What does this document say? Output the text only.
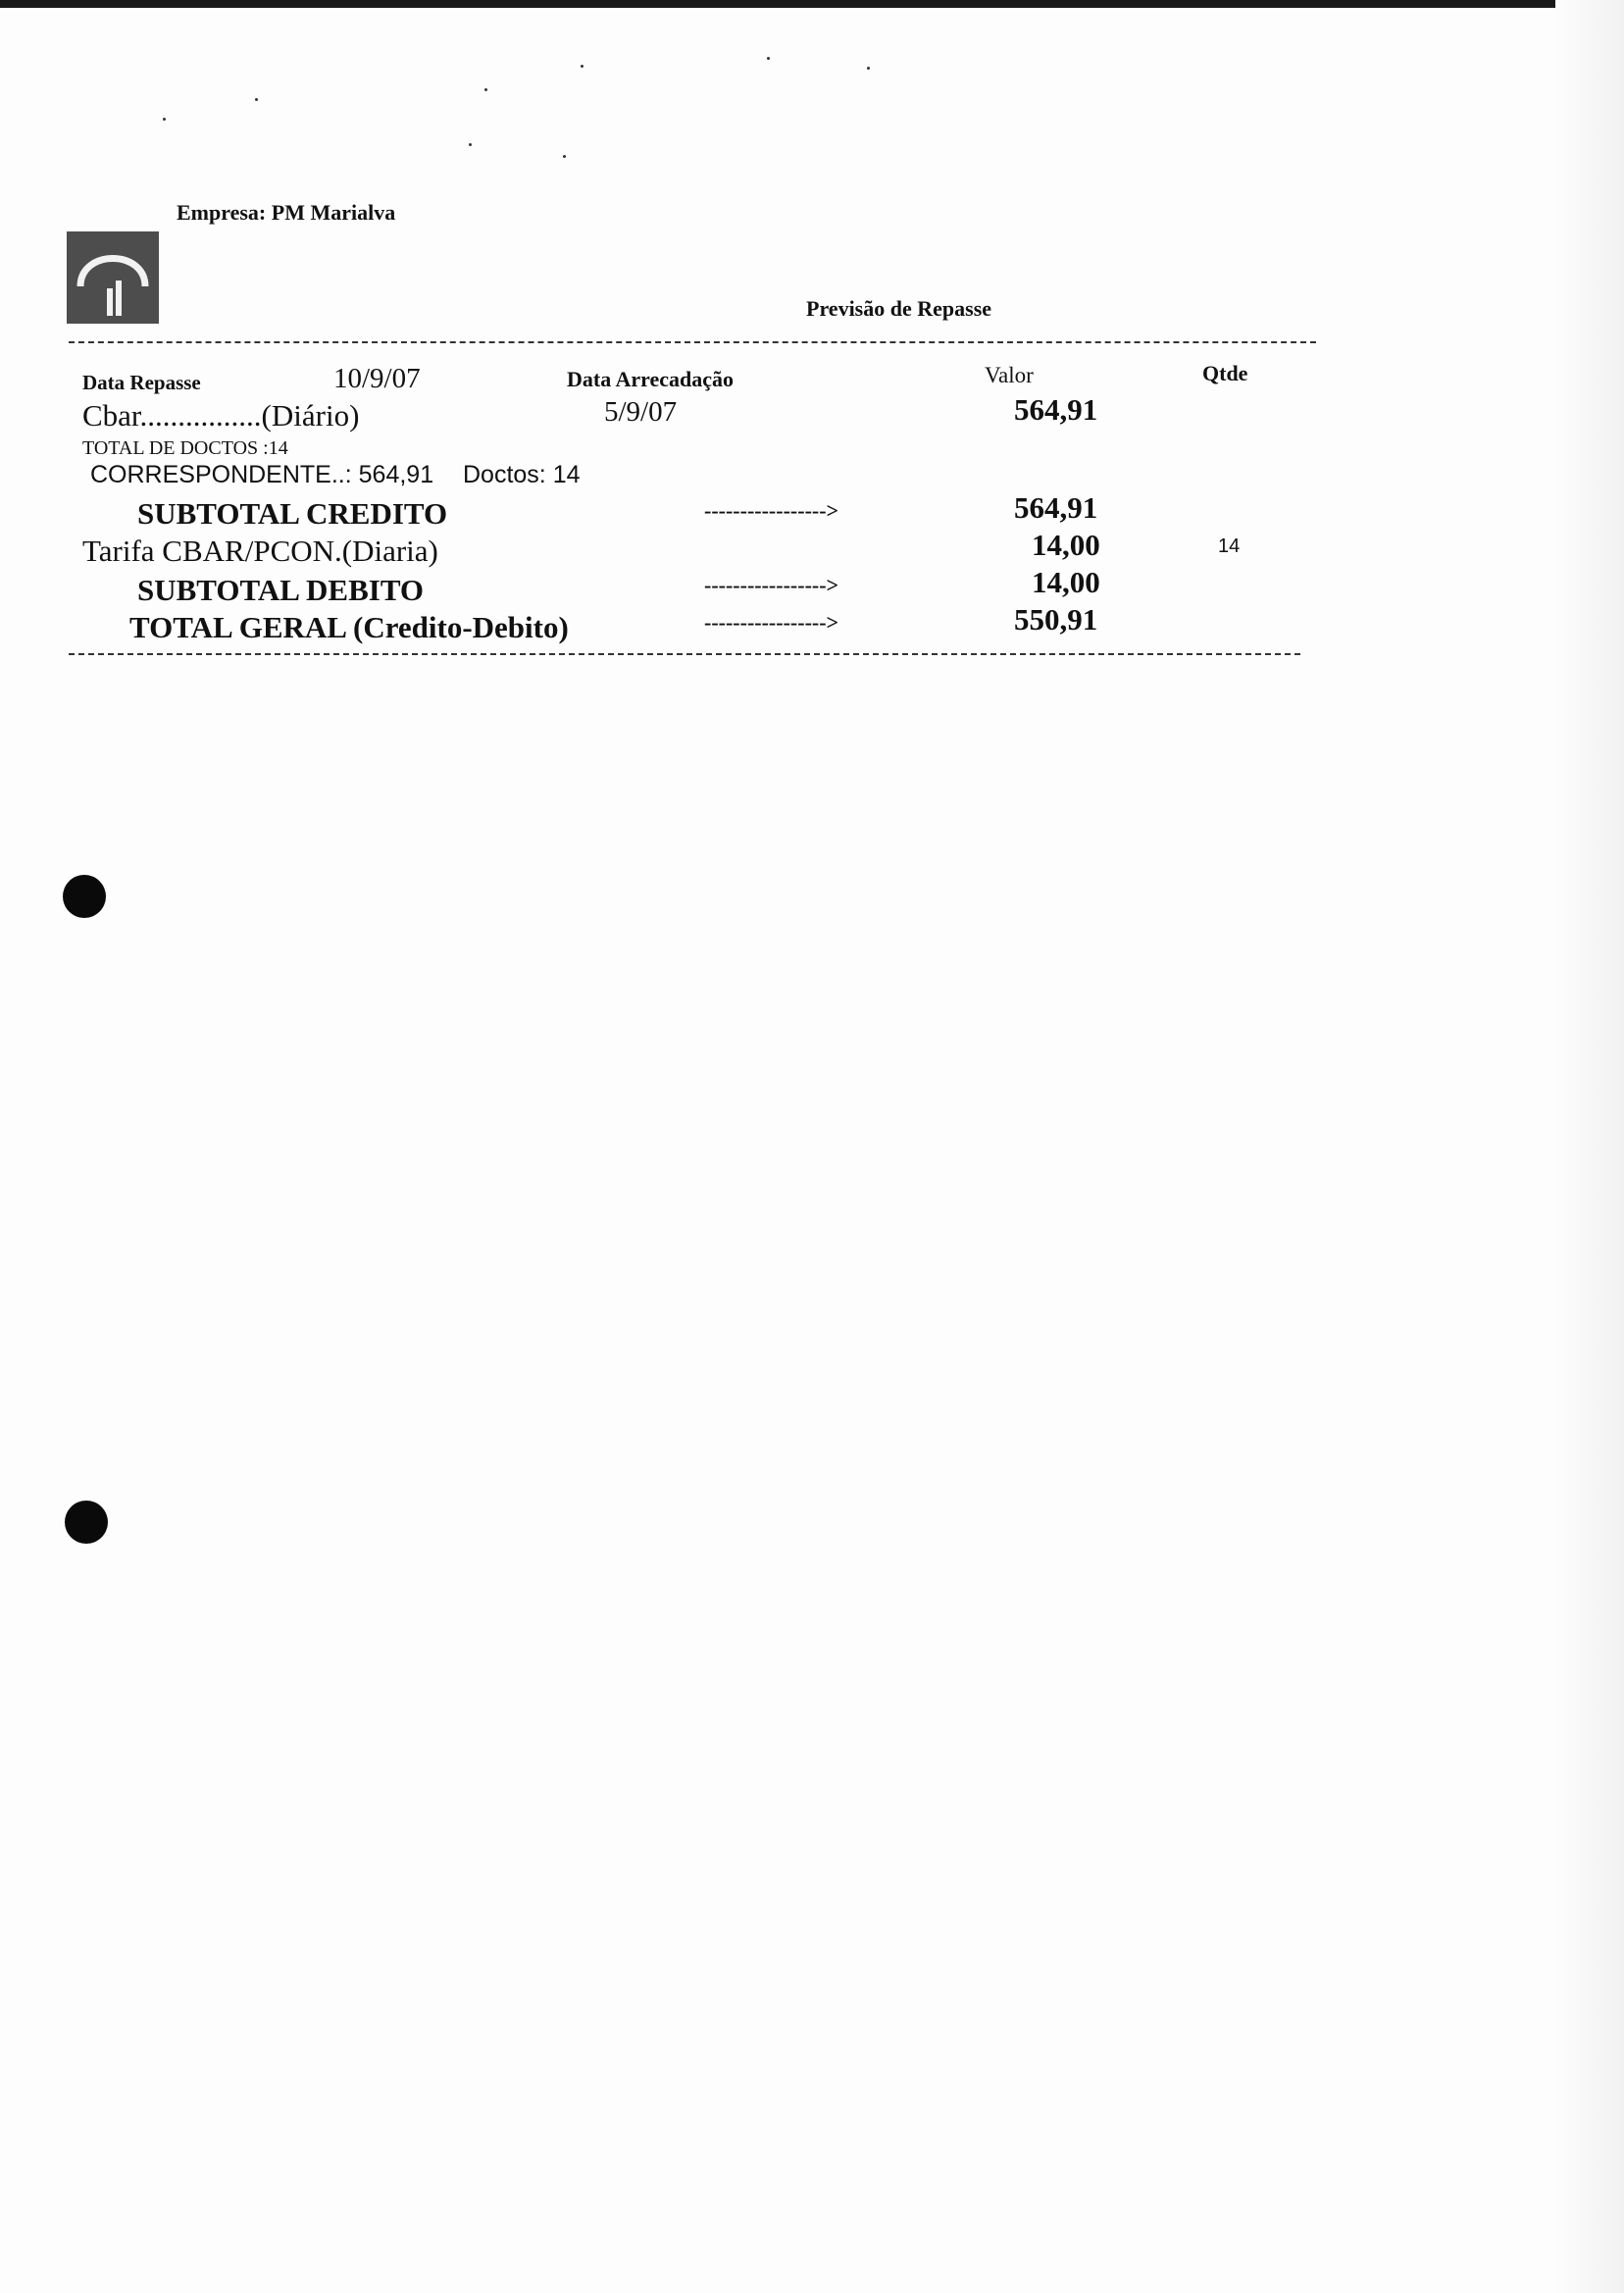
Empresa: PM Marialva
Previsão de Repasse
Data Repasse	10/9/07	Data Arrecadação	Valor	Qtde
Cbar................(Diário)	5/9/07	564,91
TOTAL DE DOCTOS :14
CORRESPONDENTE..: 564,91 Doctos: 14
SUBTOTAL CREDITO	----------------->	564,91
Tarifa CBAR/PCON.(Diaria)	14,00	14
SUBTOTAL DEBITO	----------------->	14,00
TOTAL GERAL (Credito-Debito)	----------------->	550,91
